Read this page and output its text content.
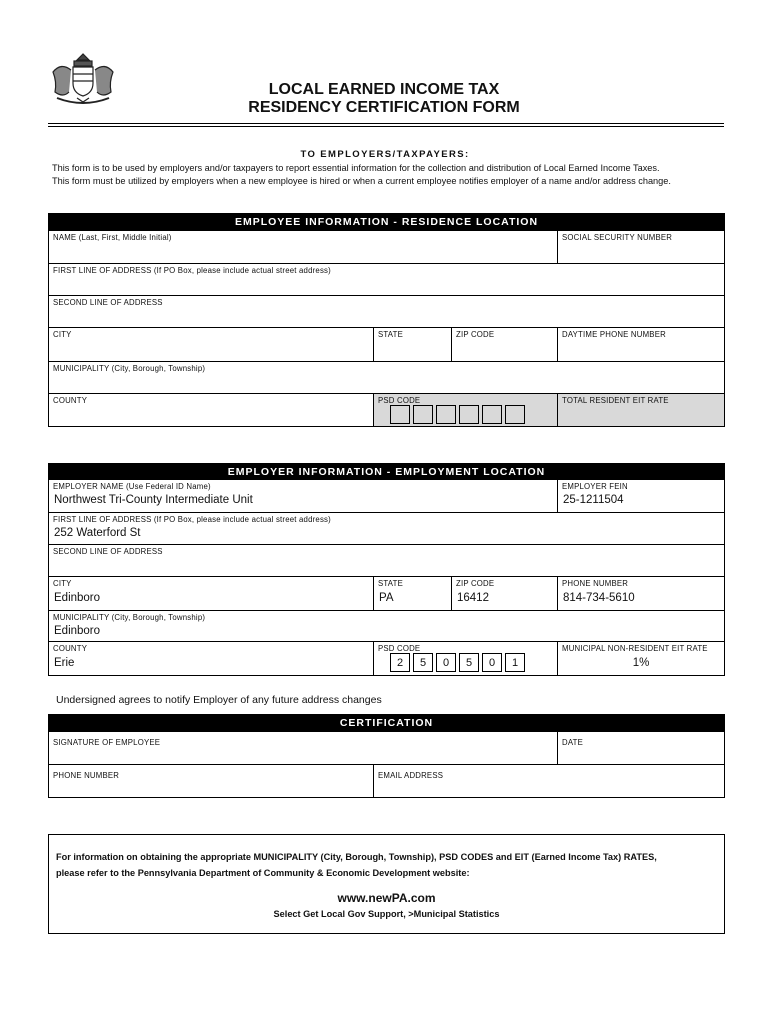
LOCAL EARNED INCOME TAX
RESIDENCY CERTIFICATION FORM
TO EMPLOYERS/TAXPAYERS:
This form is to be used by employers and/or taxpayers to report essential information for the collection and distribution of Local Earned Income Taxes.
This form must be utilized by employers when a new employee is hired or when a current employee notifies employer of a name and/or address change.
EMPLOYEE INFORMATION - RESIDENCE LOCATION
NAME (Last, First, Middle Initial)	SOCIAL SECURITY NUMBER
FIRST LINE OF ADDRESS (If PO Box, please include actual street address)
SECOND LINE OF ADDRESS
CITY	STATE	ZIP CODE	DAYTIME PHONE NUMBER
MUNICIPALITY (City, Borough, Township)
COUNTY	PSD CODE	TOTAL RESIDENT EIT RATE
EMPLOYER INFORMATION - EMPLOYMENT LOCATION
EMPLOYER NAME (Use Federal ID Name)
Northwest Tri-County Intermediate Unit
EMPLOYER FEIN
25-1211504
FIRST LINE OF ADDRESS (If PO Box, please include actual street address)
252 Waterford St
SECOND LINE OF ADDRESS
CITY
Edinboro
STATE
PA
ZIP CODE
16412
PHONE NUMBER
814-734-5610
MUNICIPALITY (City, Borough, Township)
Edinboro
COUNTY
Erie
PSD CODE
2	5	0	5	0	1
MUNICIPAL NON-RESIDENT EIT RATE
1%
Undersigned agrees to notify Employer of any future address changes
CERTIFICATION
SIGNATURE OF EMPLOYEE	DATE
PHONE NUMBER	EMAIL ADDRESS
For information on obtaining the appropriate MUNICIPALITY (City, Borough, Township), PSD CODES and EIT (Earned Income Tax) RATES,
please refer to the Pennsylvania Department of Community & Economic Development website:
www.newPA.com
Select Get Local Gov Support, >Municipal Statistics
